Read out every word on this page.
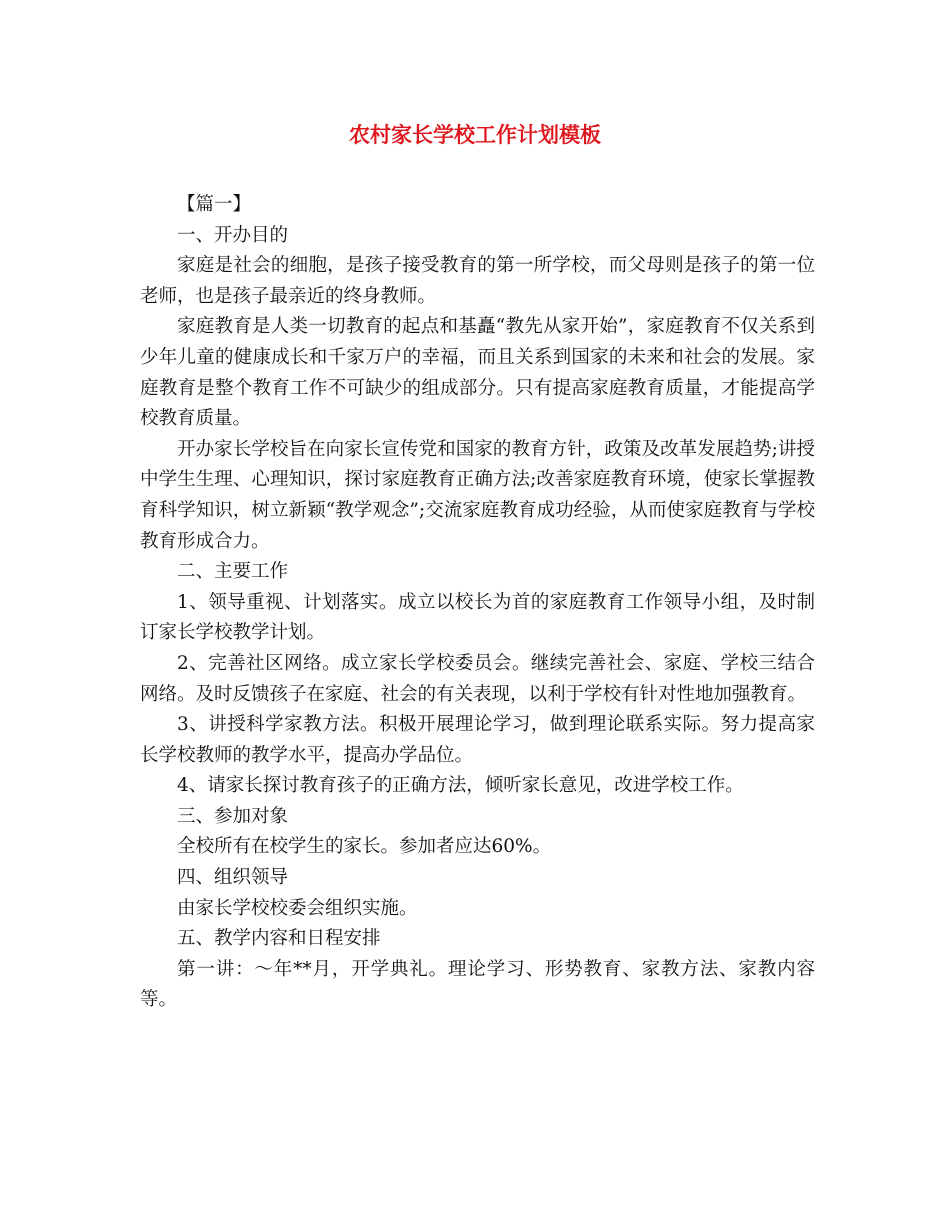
农村家长学校工作计划模板

【篇一】

一、开办目的

家庭是社会的细胞，是孩子接受教育的第一所学校，而父母则是孩子的第一位老师，也是孩子最亲近的终身教师。

家庭教育是人类一切教育的起点和基矗“教先从家开始”，家庭教育不仅关系到少年儿童的健康成长和千家万户的幸福，而且关系到国家的未来和社会的发展。家庭教育是整个教育工作不可缺少的组成部分。只有提高家庭教育质量，才能提高学校教育质量。

开办家长学校旨在向家长宣传党和国家的教育方针，政策及改革发展趋势;讲授中学生生理、心理知识，探讨家庭教育正确方法;改善家庭教育环境，使家长掌握教育科学知识，树立新颖“教学观念”;交流家庭教育成功经验，从而使家庭教育与学校教育形成合力。

二、主要工作

1、领导重视、计划落实。成立以校长为首的家庭教育工作领导小组，及时制订家长学校教学计划。

2、完善社区网络。成立家长学校委员会。继续完善社会、家庭、学校三结合网络。及时反馈孩子在家庭、社会的有关表现，以利于学校有针对性地加强教育。

3、讲授科学家教方法。积极开展理论学习，做到理论联系实际。努力提高家长学校教师的教学水平，提高办学品位。

4、请家长探讨教育孩子的正确方法，倾听家长意见，改进学校工作。

三、参加对象

全校所有在校学生的家长。参加者应达60%。

四、组织领导

由家长学校校委会组织实施。

五、教学内容和日程安排

第一讲：～年**月，开学典礼。理论学习、形势教育、家教方法、家教内容等。
